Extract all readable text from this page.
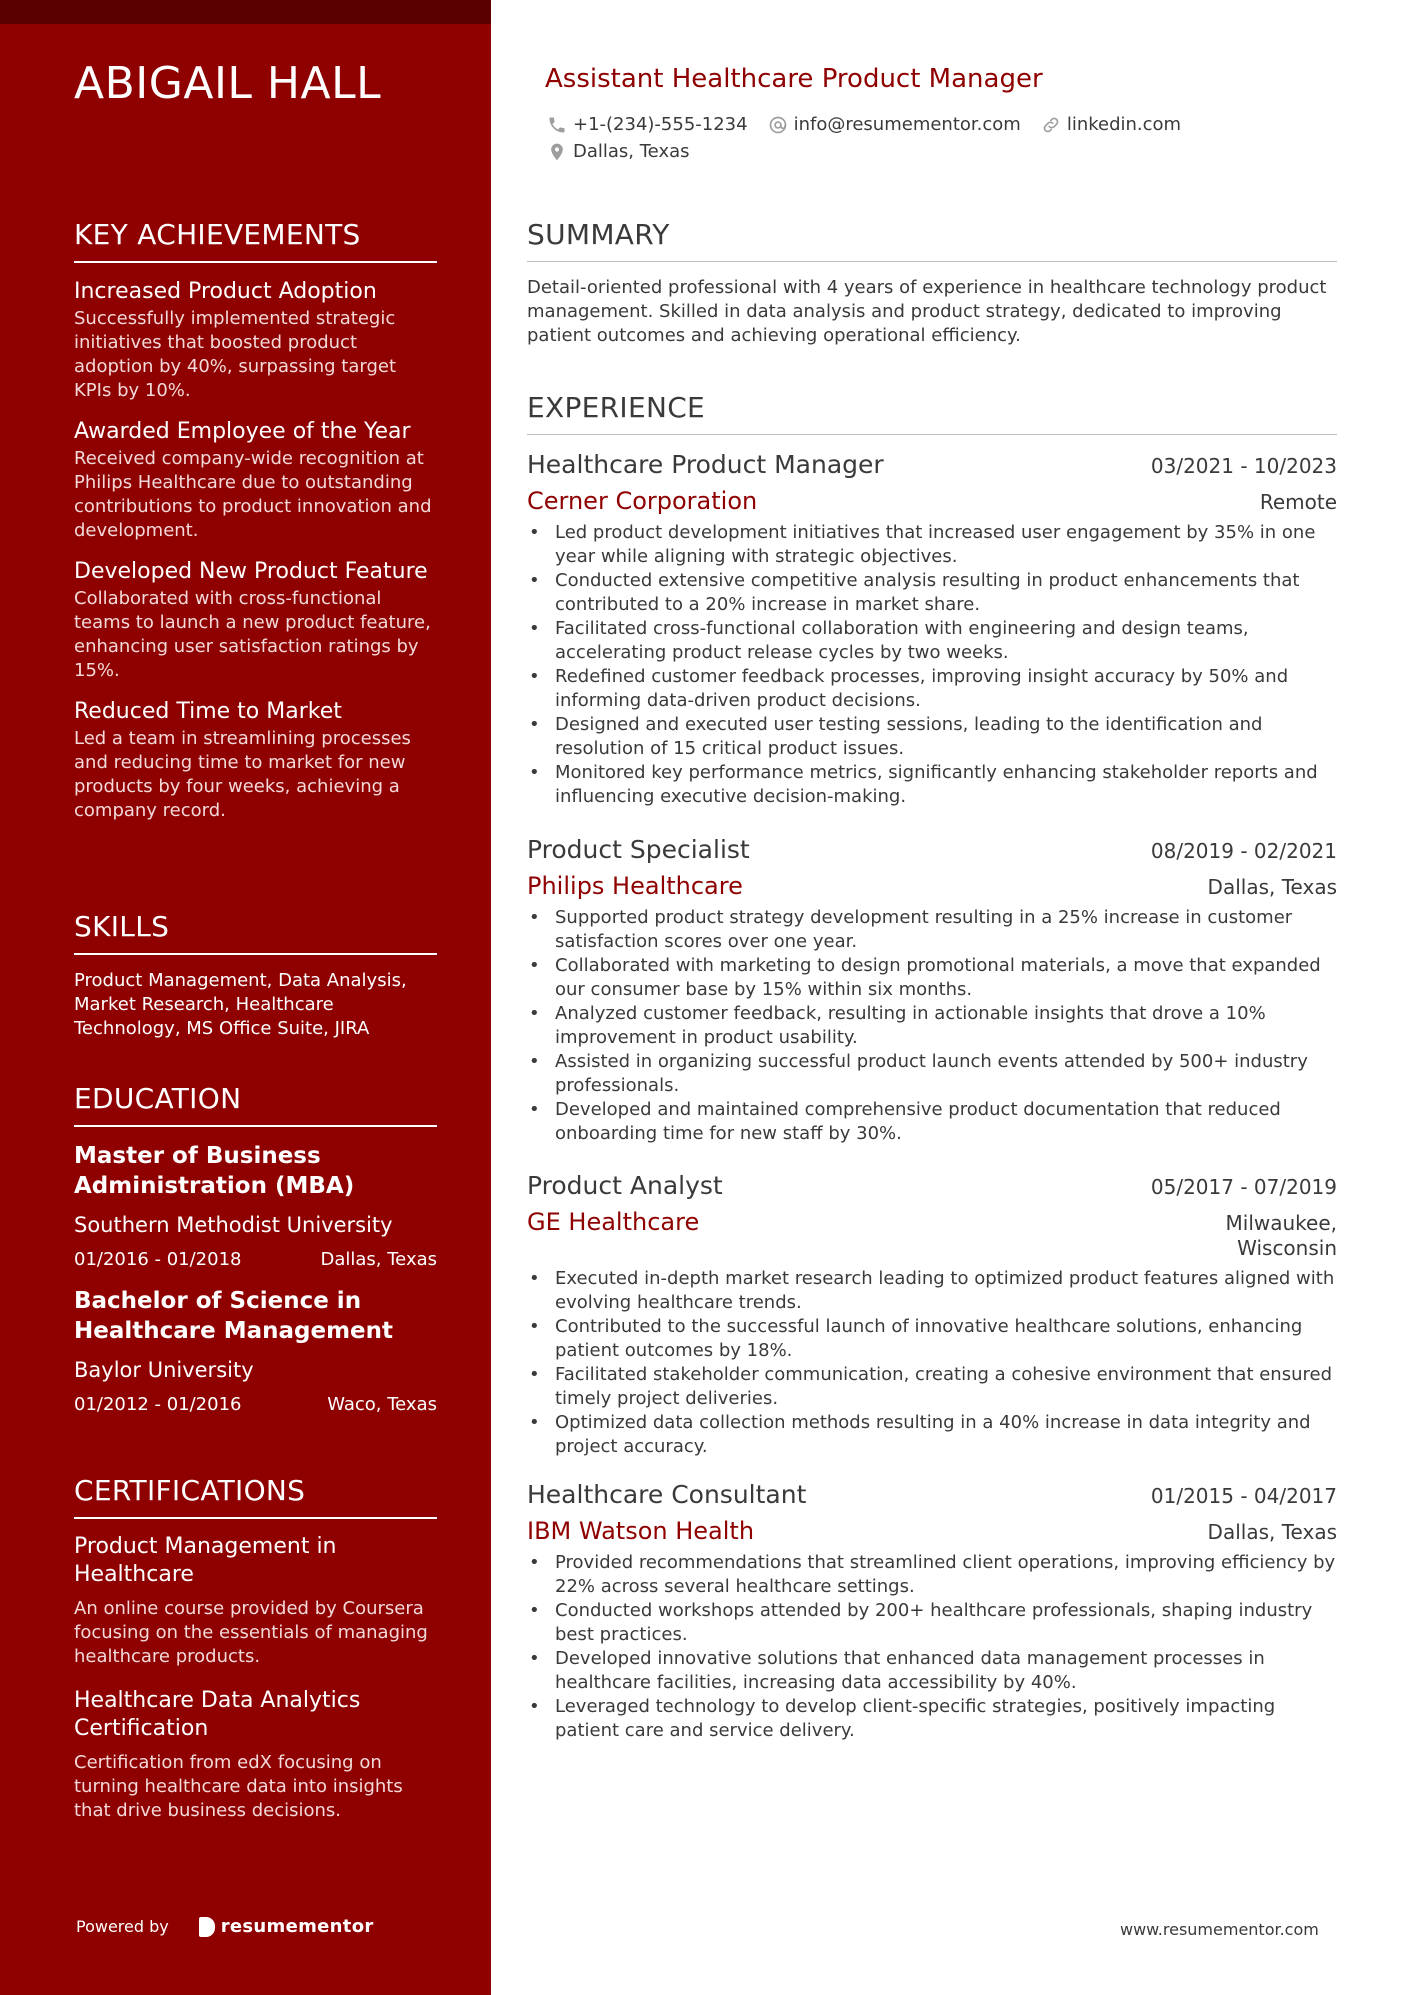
ABIGAIL HALL
KEY ACHIEVEMENTS
Increased Product Adoption
Successfully implemented strategic initiatives that boosted product adoption by 40%, surpassing target KPIs by 10%.
Awarded Employee of the Year
Received company-wide recognition at Philips Healthcare due to outstanding contributions to product innovation and development.
Developed New Product Feature
Collaborated with cross-functional teams to launch a new product feature, enhancing user satisfaction ratings by 15%.
Reduced Time to Market
Led a team in streamlining processes and reducing time to market for new products by four weeks, achieving a company record.
SKILLS
Product Management, Data Analysis, Market Research, Healthcare Technology, MS Office Suite, JIRA
EDUCATION
Master of Business Administration (MBA)
Southern Methodist University
01/2016 - 01/2018	Dallas, Texas
Bachelor of Science in Healthcare Management
Baylor University
01/2012 - 01/2016	Waco, Texas
CERTIFICATIONS
Product Management in Healthcare
An online course provided by Coursera focusing on the essentials of managing healthcare products.
Healthcare Data Analytics Certification
Certification from edX focusing on turning healthcare data into insights that drive business decisions.
Powered by	resumementor
Assistant Healthcare Product Manager
+1-(234)-555-1234	info@resumementor.com	linkedin.com
Dallas, Texas
SUMMARY
Detail-oriented professional with 4 years of experience in healthcare technology product management. Skilled in data analysis and product strategy, dedicated to improving patient outcomes and achieving operational efficiency.
EXPERIENCE
Healthcare Product Manager	03/2021 - 10/2023
Cerner Corporation	Remote
• Led product development initiatives that increased user engagement by 35% in one year while aligning with strategic objectives.
• Conducted extensive competitive analysis resulting in product enhancements that contributed to a 20% increase in market share.
• Facilitated cross-functional collaboration with engineering and design teams, accelerating product release cycles by two weeks.
• Redefined customer feedback processes, improving insight accuracy by 50% and informing data-driven product decisions.
• Designed and executed user testing sessions, leading to the identification and resolution of 15 critical product issues.
• Monitored key performance metrics, significantly enhancing stakeholder reports and influencing executive decision-making.
Product Specialist	08/2019 - 02/2021
Philips Healthcare	Dallas, Texas
• Supported product strategy development resulting in a 25% increase in customer satisfaction scores over one year.
• Collaborated with marketing to design promotional materials, a move that expanded our consumer base by 15% within six months.
• Analyzed customer feedback, resulting in actionable insights that drove a 10% improvement in product usability.
• Assisted in organizing successful product launch events attended by 500+ industry professionals.
• Developed and maintained comprehensive product documentation that reduced onboarding time for new staff by 30%.
Product Analyst	05/2017 - 07/2019
GE Healthcare	Milwaukee, Wisconsin
• Executed in-depth market research leading to optimized product features aligned with evolving healthcare trends.
• Contributed to the successful launch of innovative healthcare solutions, enhancing patient outcomes by 18%.
• Facilitated stakeholder communication, creating a cohesive environment that ensured timely project deliveries.
• Optimized data collection methods resulting in a 40% increase in data integrity and project accuracy.
Healthcare Consultant	01/2015 - 04/2017
IBM Watson Health	Dallas, Texas
• Provided recommendations that streamlined client operations, improving efficiency by 22% across several healthcare settings.
• Conducted workshops attended by 200+ healthcare professionals, shaping industry best practices.
• Developed innovative solutions that enhanced data management processes in healthcare facilities, increasing data accessibility by 40%.
• Leveraged technology to develop client-specific strategies, positively impacting patient care and service delivery.
www.resumementor.com
